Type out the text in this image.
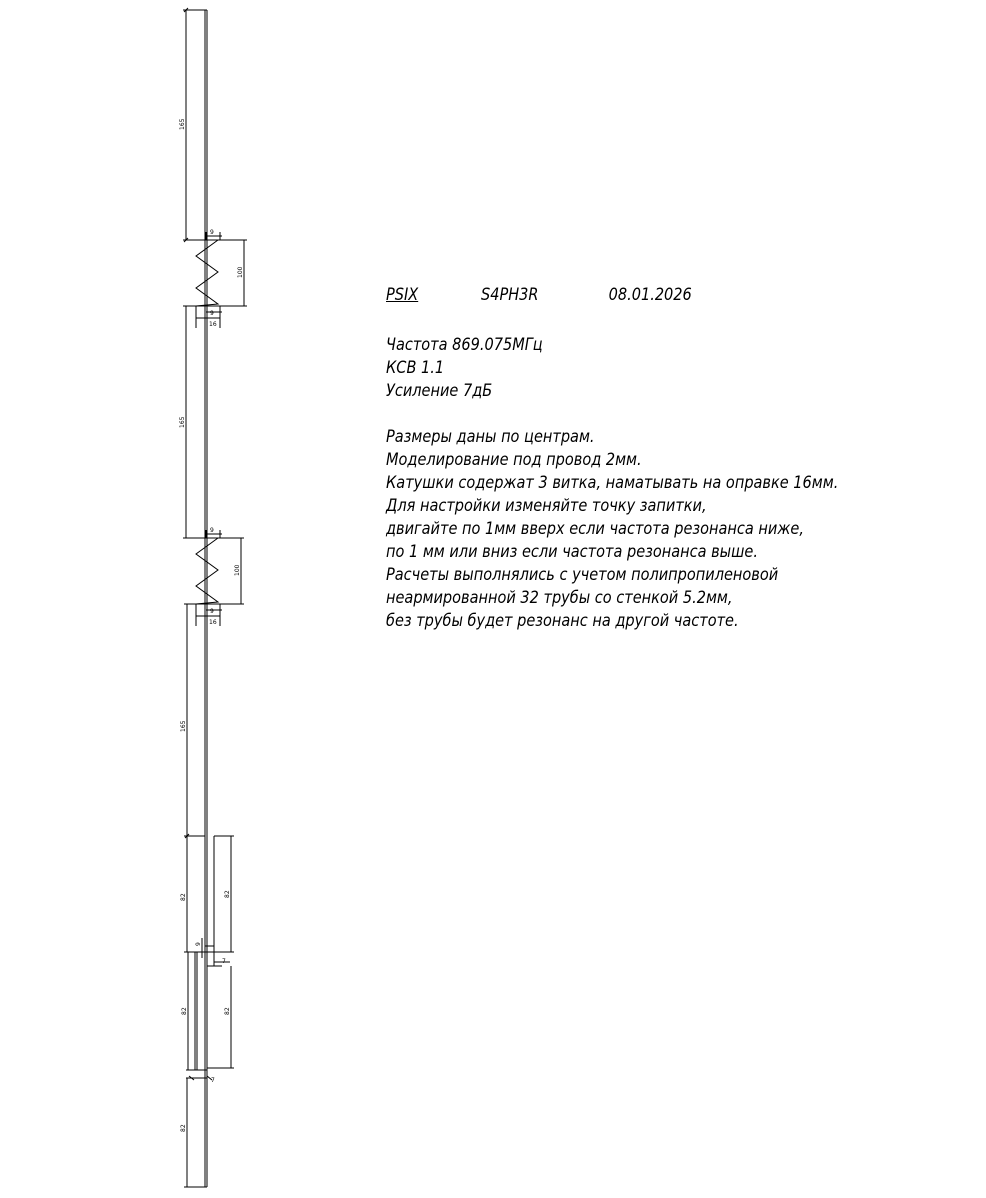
165
100
9
9
16
165
100
9
9
16
165
82	82
9
7
82	82
7
82
PSIX	S4PH3R	08.01.2026
Частота 869.075МГц
КСВ 1.1
Усиление 7дБ
Размеры даны по центрам.
Моделирование под провод 2мм.
Катушки содержат 3 витка, наматывать на оправке 16мм.
Для настройки изменяйте точку запитки,
двигайте по 1мм вверх если частота резонанса ниже,
по 1 мм или вниз если частота резонанса выше.
Расчеты выполнялись с учетом полипропиленовой
неармированной 32 трубы со стенкой 5.2мм,
без трубы будет резонанс на другой частоте.
